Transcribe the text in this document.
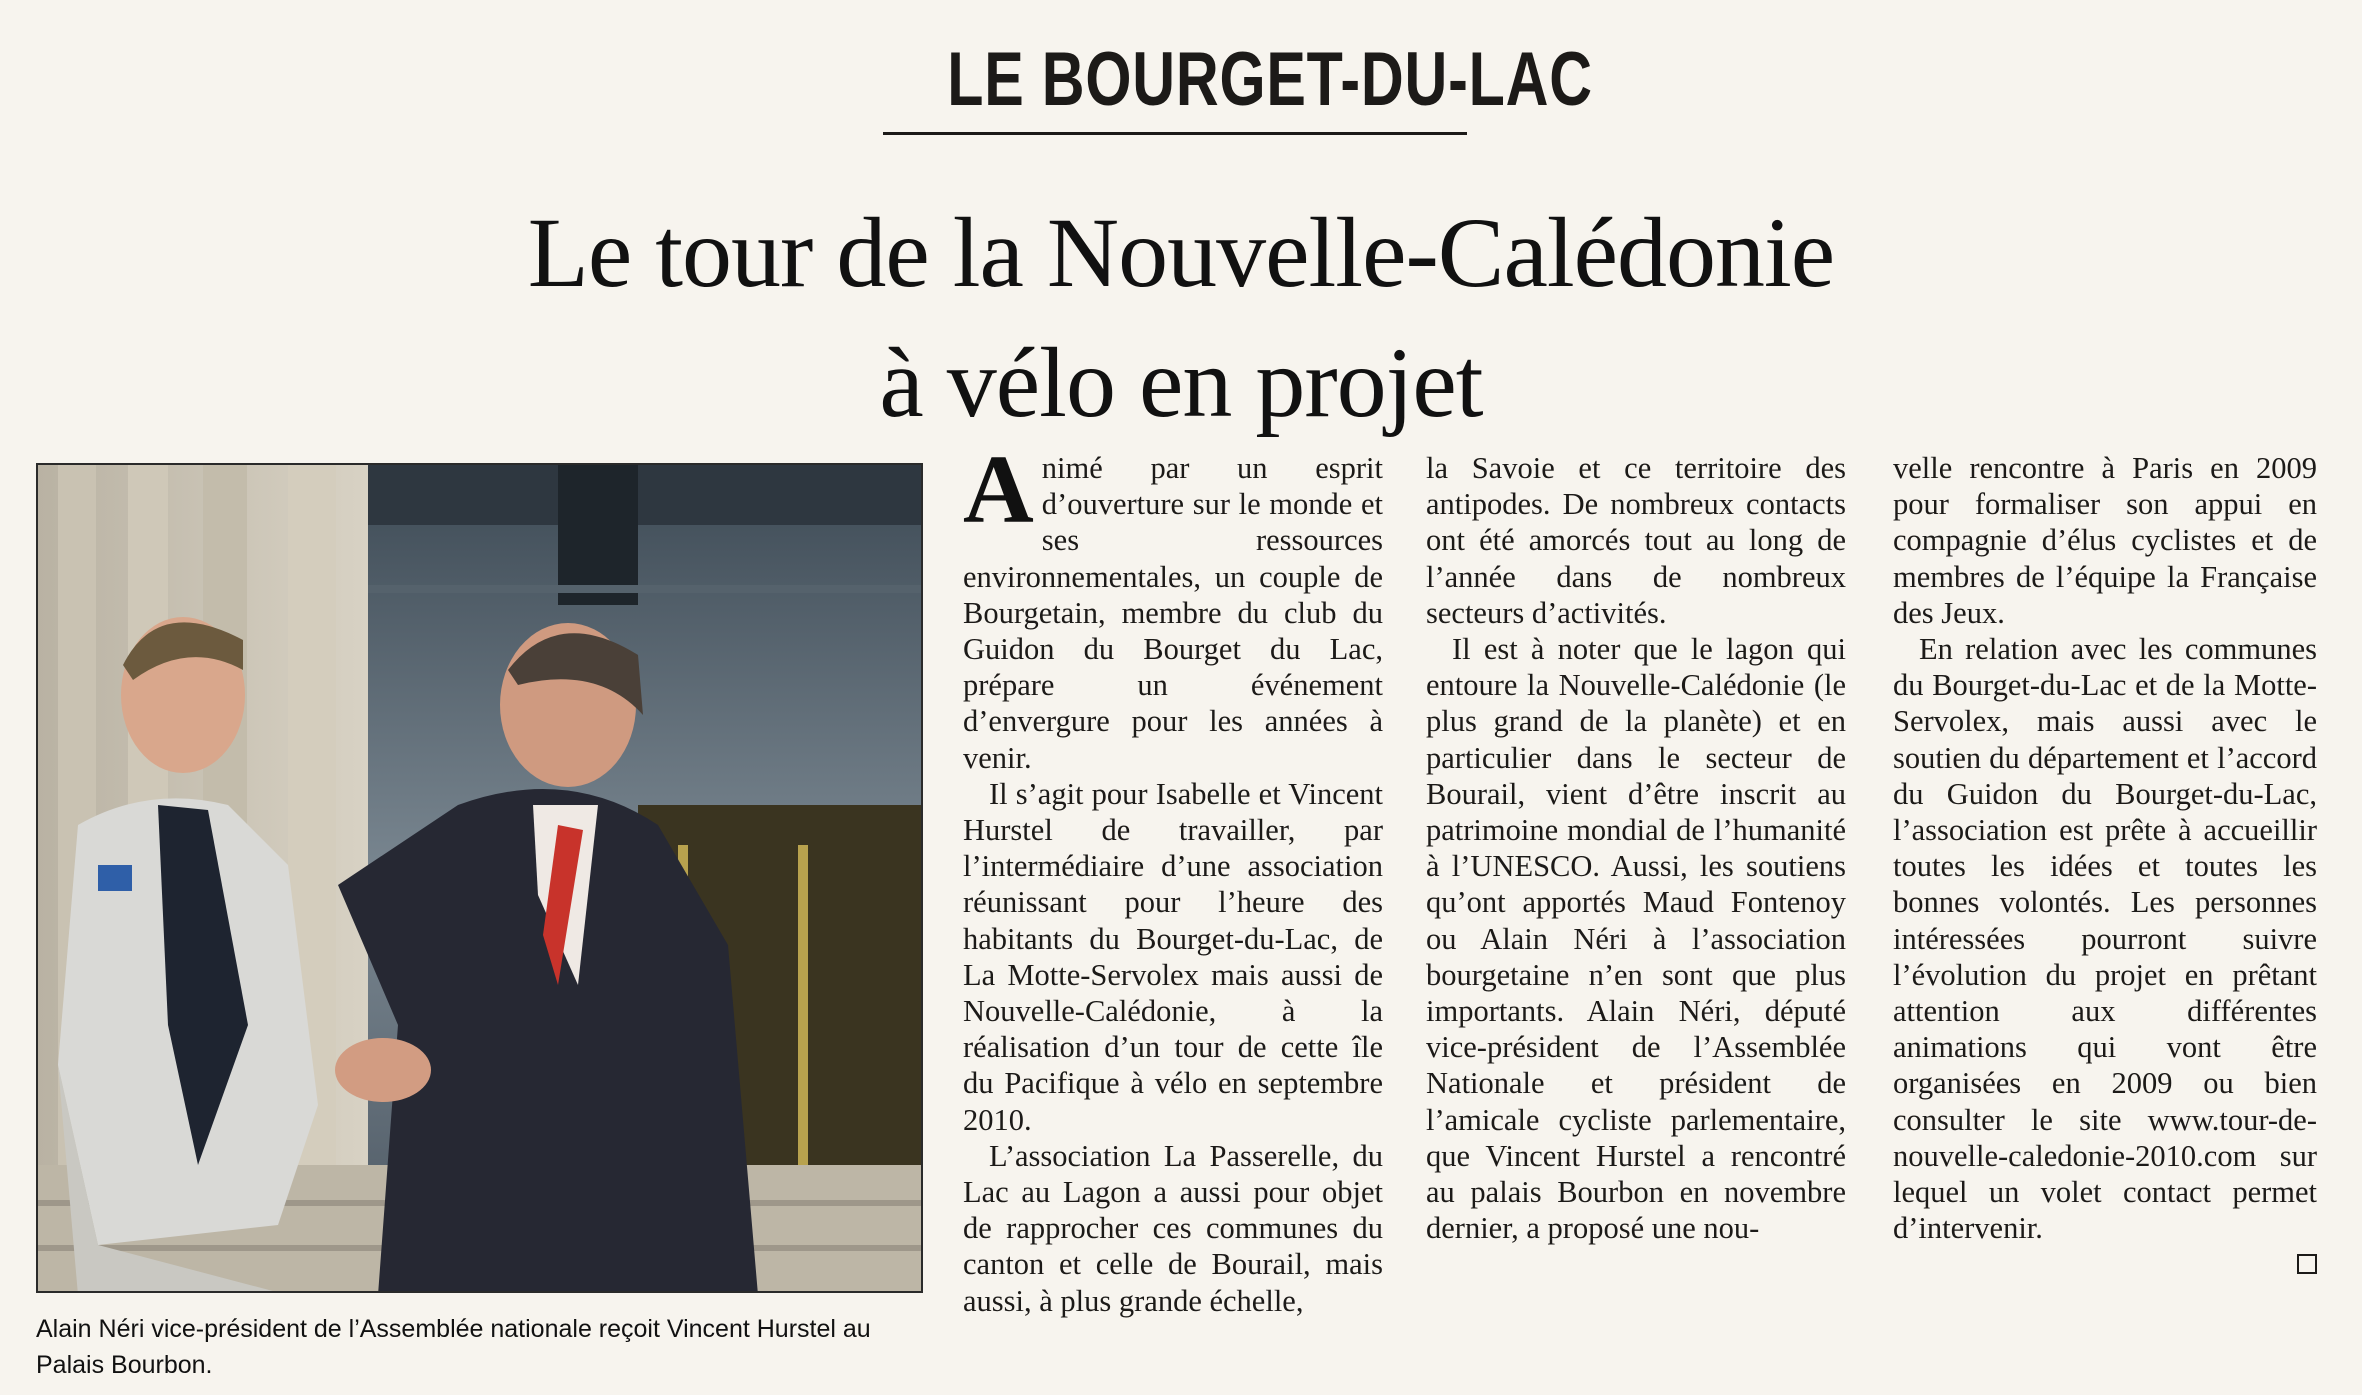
LE BOURGET-DU-LAC
Le tour de la Nouvelle-Calédonie
à vélo en projet
Alain Néri vice-président de l’Assemblée nationale reçoit Vincent Hurstel au Palais Bourbon.

Animé par un esprit d’ouverture sur le monde et ses ressources environnementales, un couple de Bourgetain, membre du club du Guidon du Bourget du Lac, prépare un événement d’envergure pour les années à venir.

Il s’agit pour Isabelle et Vincent Hurstel de travailler, par l’intermédiaire d’une association réunissant pour l’heure des habitants du Bourget-du-Lac, de La Motte-Servolex mais aussi de Nouvelle-Calédonie, à la réalisation d’un tour de cette île du Pacifique à vélo en septembre 2010.

L’association La Passerelle, du Lac au Lagon a aussi pour objet de rapprocher ces communes du canton et celle de Bourail, mais aussi, à plus grande échelle,

la Savoie et ce territoire des antipodes. De nombreux contacts ont été amorcés tout au long de l’année dans de nombreux secteurs d’activités.

Il est à noter que le lagon qui entoure la Nouvelle-Calédonie (le plus grand de la planète) et en particulier dans le secteur de Bourail, vient d’être inscrit au patrimoine mondial de l’humanité à l’UNESCO. Aussi, les soutiens qu’ont apportés Maud Fontenoy ou Alain Néri à l’association bourgetaine n’en sont que plus importants. Alain Néri, député vice-président de l’Assemblée Nationale et président de l’amicale cycliste parlementaire, que Vincent Hurstel a rencontré au palais Bourbon en novembre dernier, a proposé une nou-

velle rencontre à Paris en 2009 pour formaliser son appui en compagnie d’élus cyclistes et de membres de l’équipe la Française des Jeux.

En relation avec les communes du Bourget-du-Lac et de la Motte-Servolex, mais aussi avec le soutien du département et l’accord du Guidon du Bourget-du-Lac, l’association est prête à accueillir toutes les idées et toutes les bonnes volontés. Les personnes intéressées pourront suivre l’évolution du projet en prêtant attention aux différentes animations qui vont être organisées en 2009 ou bien consulter le site www.tour-de-nouvelle-caledonie-2010.com sur lequel un volet contact permet d’intervenir.
